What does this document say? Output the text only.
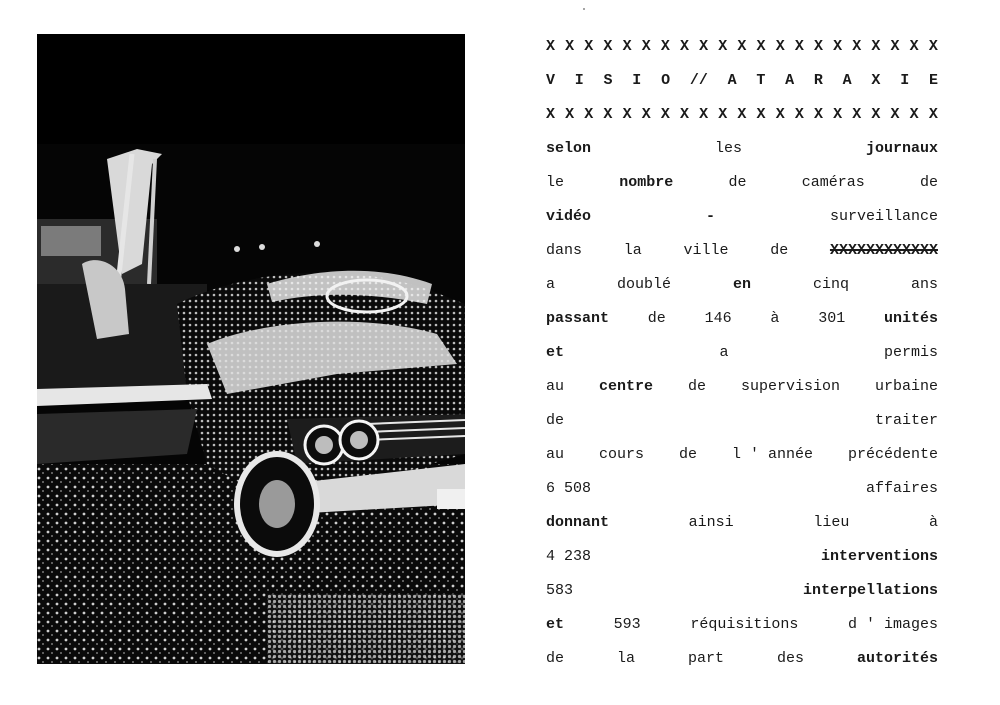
X X X X X X X X X X X X X X X X X X X X X
V I S I O // A T A R A X I E
X X X X X X X X X X X X X X X X X X X X X
selon	les	journaux
le	nombre	de	caméras	de
vidéo	-	surveillance
dans	la	ville	de	XXXXXXXXXXXX
a	doublé	en	cinq	ans
passant	de	146	à	301	unités
et	a	permis
au centre de supervision urbaine
de	traiter
au cours de l ' année précédente
6 508	affaires
donnant	ainsi	lieu	à
4 238	interventions
583	interpellations
et	593	réquisitions	d ' images
de	la	part	des	autorités
